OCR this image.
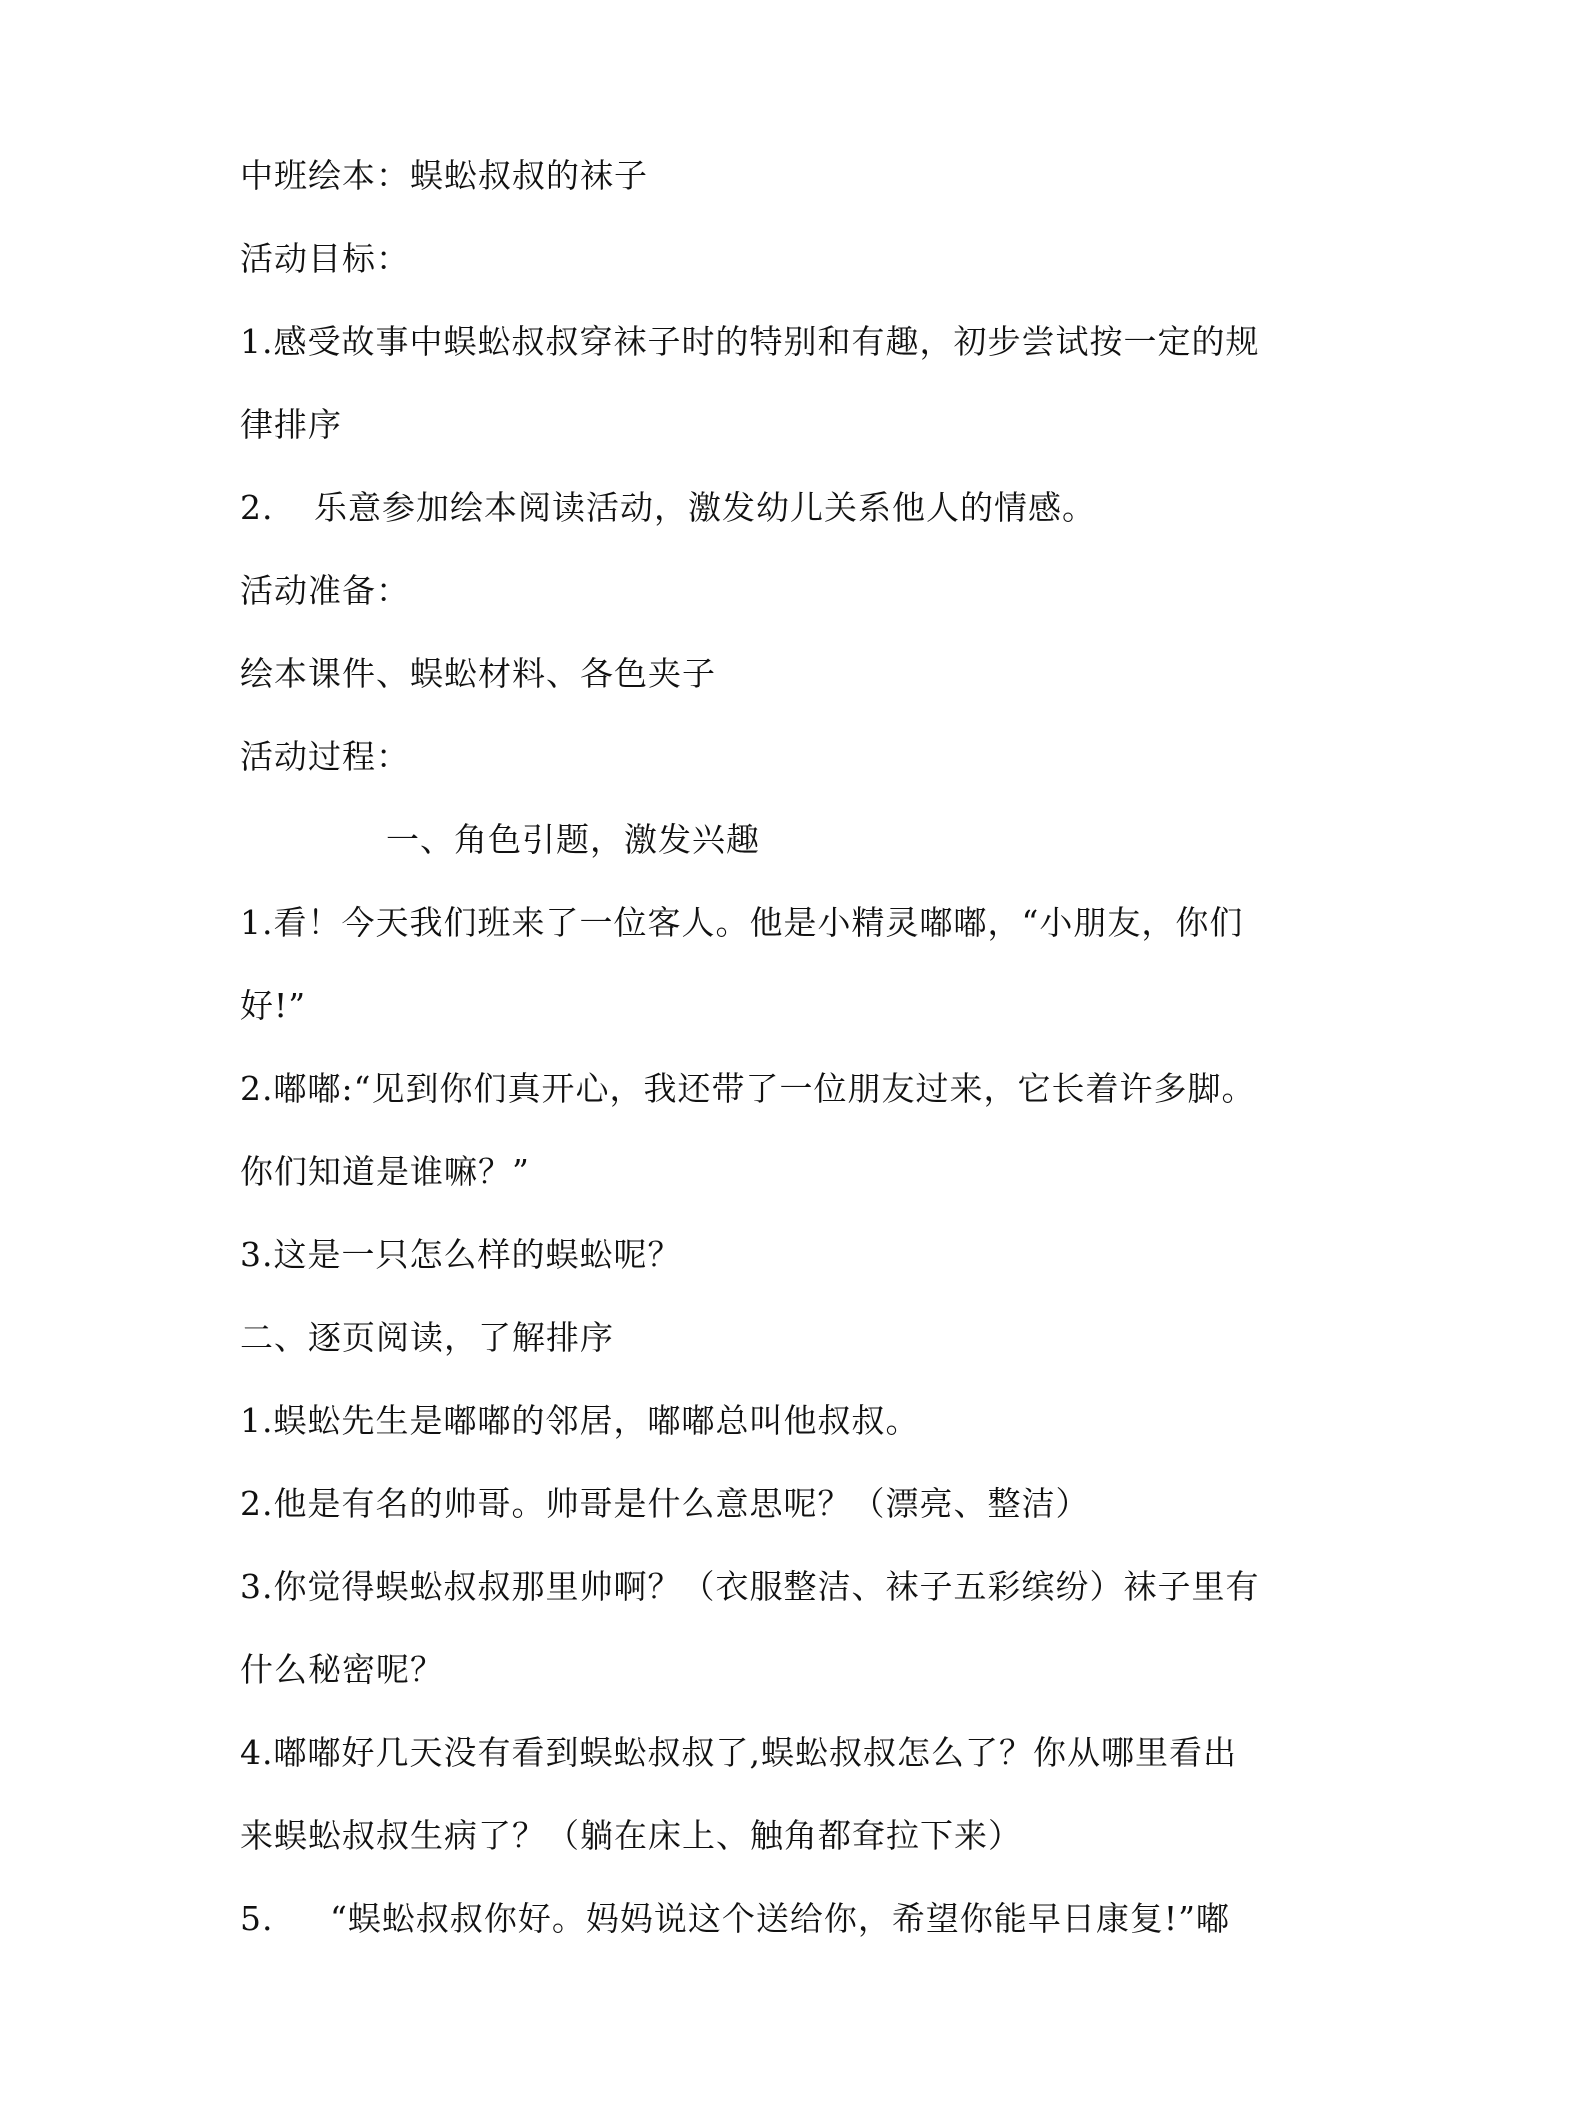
中班绘本：蜈蚣叔叔的袜子
活动目标：
1.感受故事中蜈蚣叔叔穿袜子时的特别和有趣，初步尝试按一定的规
律排序
2. 乐意参加绘本阅读活动，激发幼儿关系他人的情感。
活动准备：
绘本课件、蜈蚣材料、各色夹子
活动过程：
一、角色引题，激发兴趣
1.看！今天我们班来了一位客人。他是小精灵嘟嘟，“小朋友，你们
好!”
2.嘟嘟:“见到你们真开心，我还带了一位朋友过来，它长着许多脚。
你们知道是谁嘛？”
3.这是一只怎么样的蜈蚣呢？
二、逐页阅读，了解排序
1.蜈蚣先生是嘟嘟的邻居，嘟嘟总叫他叔叔。
2.他是有名的帅哥。帅哥是什么意思呢？（漂亮、整洁）
3.你觉得蜈蚣叔叔那里帅啊？（衣服整洁、袜子五彩缤纷）袜子里有
什么秘密呢？
4.嘟嘟好几天没有看到蜈蚣叔叔了,蜈蚣叔叔怎么了？你从哪里看出
来蜈蚣叔叔生病了？（躺在床上、触角都耷拉下来）
5. “蜈蚣叔叔你好。妈妈说这个送给你，希望你能早日康复!”嘟
